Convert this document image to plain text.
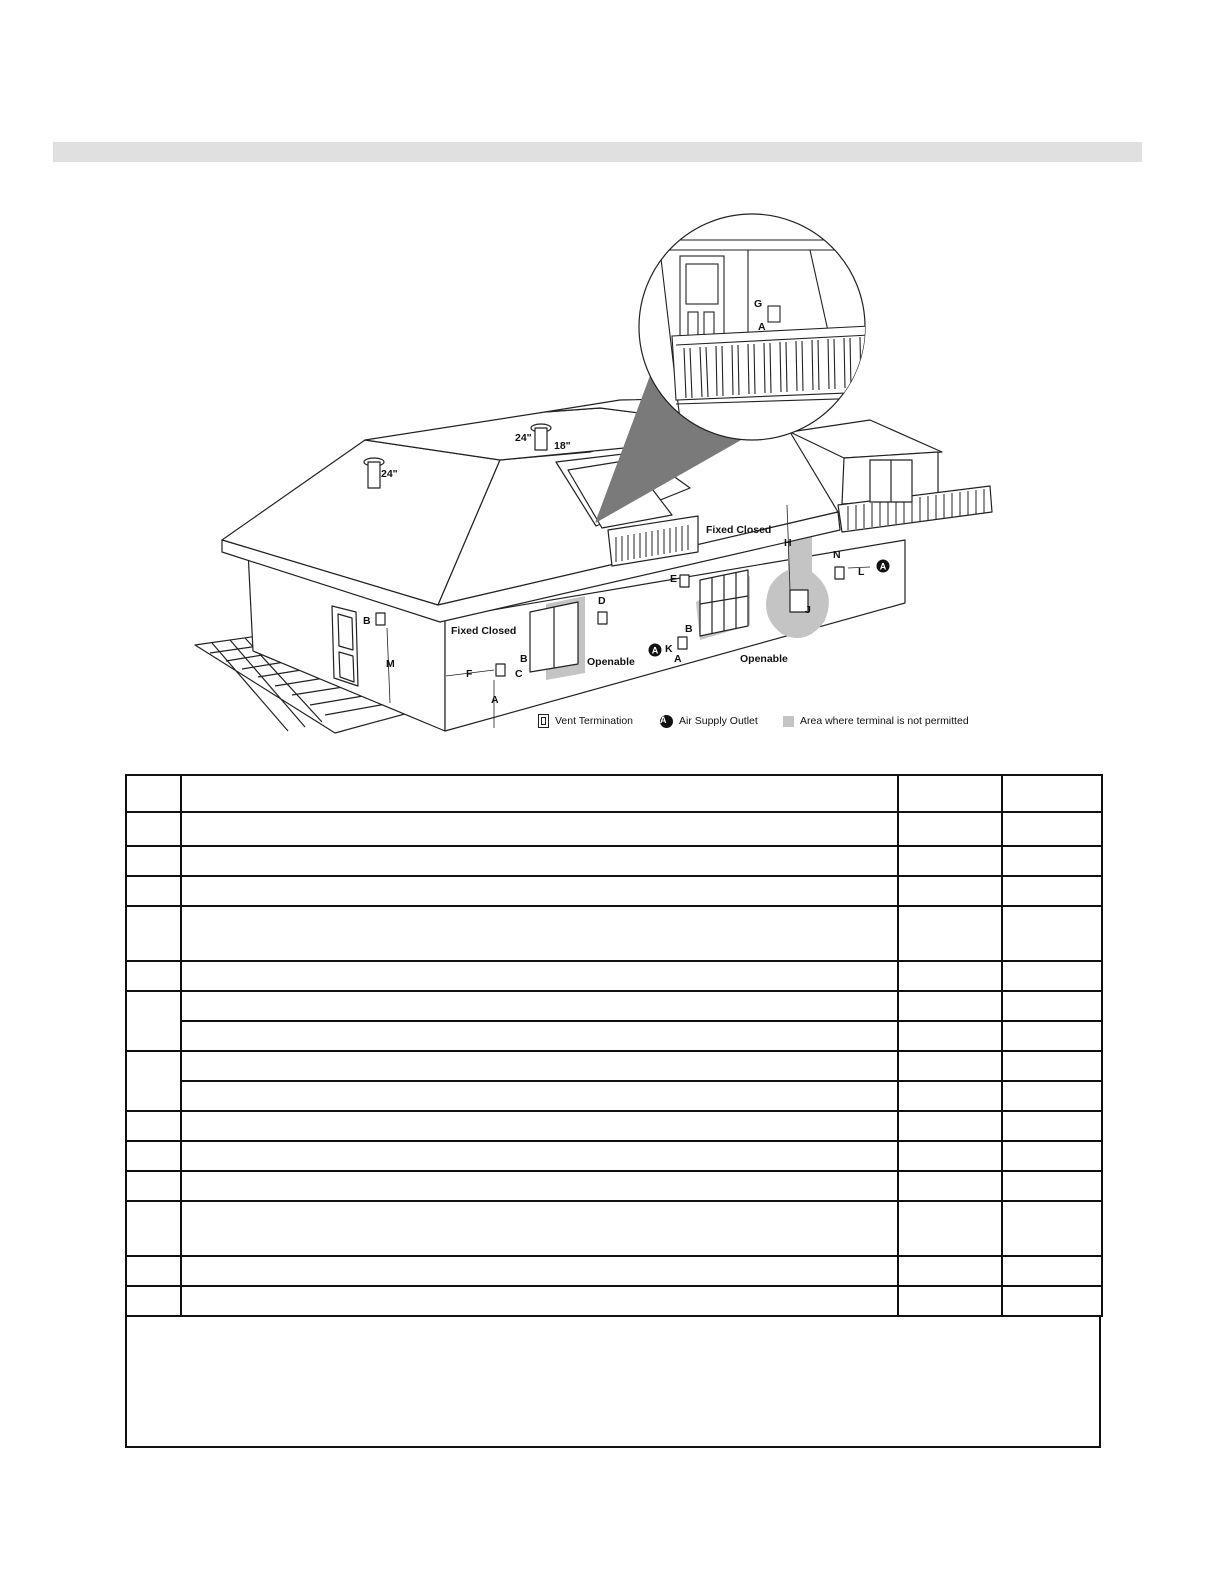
G
A
24"
24"
18"
Fixed Closed
Openable
Fixed Closed
Openable
A
A
B
B
B
C
D
E
F
H
J
K
L
M
N
A
A
Vent Termination	A	Air Supply Outlet	Area where terminal is not permitted
